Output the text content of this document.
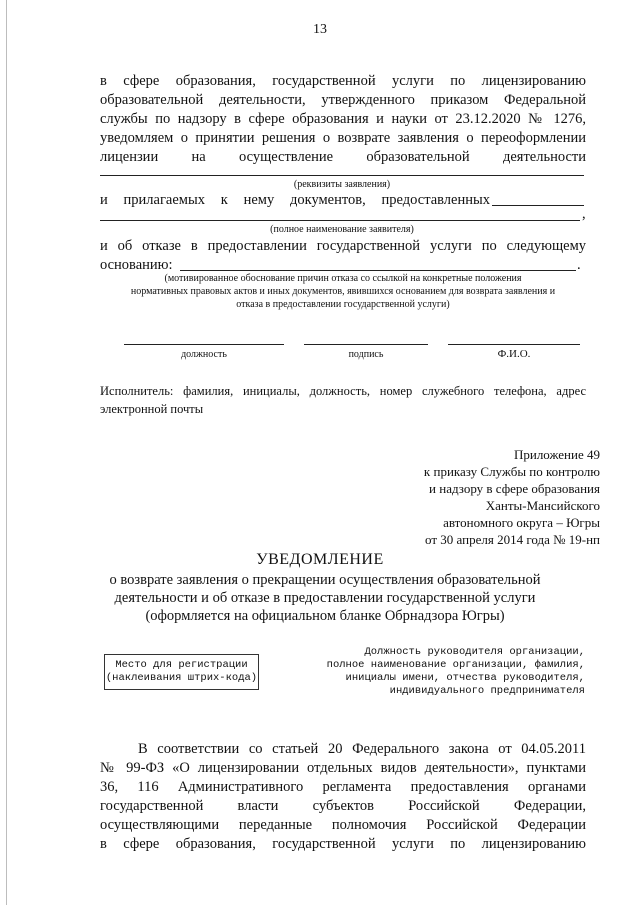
13
в сфере образования, государственной услуги по лицензированию
образовательной деятельности, утвержденного приказом Федеральной
службы по надзору в сфере образования и науки от 23.12.2020 № 1276,
уведомляем о принятии решения о возврате заявления о переоформлении
лицензии на осуществление образовательной деятельности
(реквизиты заявления)
и прилагаемых к нему документов, предоставленных
,
(полное наименование заявителя)
и об отказе в предоставлении государственной услуги по следующему
основанию:	.
(мотивированное обоснование причин отказа со ссылкой на конкретные положения
нормативных правовых актов и иных документов, явившихся основанием для возврата заявления и
отказа в предоставлении государственной услуги)
должность	подпись	Ф.И.О.
Исполнитель: фамилия, инициалы, должность, номер служебного телефона, адрес
электронной почты
Приложение 49
к приказу Службы по контролю
и надзору в сфере образования
Ханты-Мансийского
автономного округа – Югры
от 30 апреля 2014 года № 19-нп
УВЕДОМЛЕНИЕ
о возврате заявления о прекращении осуществления образовательной
деятельности и об отказе в предоставлении государственной услуги
(оформляется на официальном бланке Обрнадзора Югры)
Место для регистрации
(наклеивания штрих-кода)
Должность руководителя организации,
полное наименование организации, фамилия,
инициалы имени, отчества руководителя,
индивидуального предпринимателя
В соответствии со статьей 20 Федерального закона от 04.05.2011
№ 99-ФЗ «О лицензировании отдельных видов деятельности», пунктами
36, 116 Административного регламента предоставления органами
государственной власти субъектов Российской Федерации,
осуществляющими переданные полномочия Российской Федерации
в сфере образования, государственной услуги по лицензированию
